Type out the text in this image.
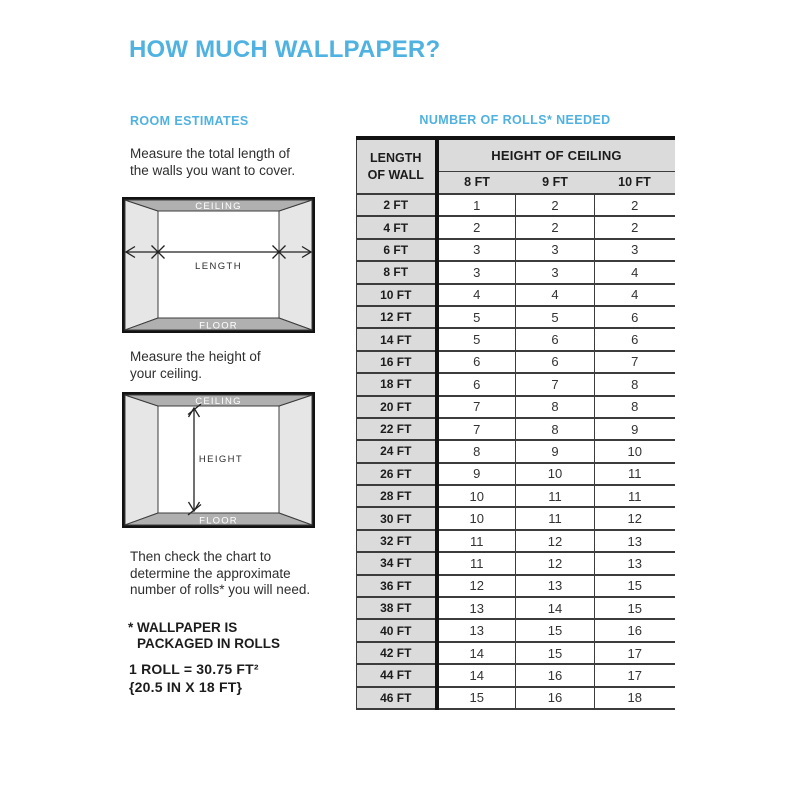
HOW MUCH WALLPAPER?
ROOM ESTIMATES

Measure the total length of
the walls you want to cover.

CEILING
FLOOR
LENGTH

Measure the height of
your ceiling.

CEILING
FLOOR
HEIGHT

Then check the chart to
determine the approximate
number of rolls* you will need.

* WALLPAPER IS
PACKAGED IN ROLLS

1 ROLL = 30.75 FT²
{20.5 IN X 18 FT}

NUMBER OF ROLLS* NEEDED
LENGTH
OF WALL	HEIGHT OF CEILING		
	8 FT	9 FT	10 FT
2 FT	1	2	2
4 FT	2	2	2
6 FT	3	3	3
8 FT	3	3	4
10 FT	4	4	4
12 FT	5	5	6
14 FT	5	6	6
16 FT	6	6	7
18 FT	6	7	8
20 FT	7	8	8
22 FT	7	8	9
24 FT	8	9	10
26 FT	9	10	11
28 FT	10	11	11
30 FT	10	11	12
32 FT	11	12	13
34 FT	11	12	13
36 FT	12	13	15
38 FT	13	14	15
40 FT	13	15	16
42 FT	14	15	17
44 FT	14	16	17
46 FT	15	16	18
